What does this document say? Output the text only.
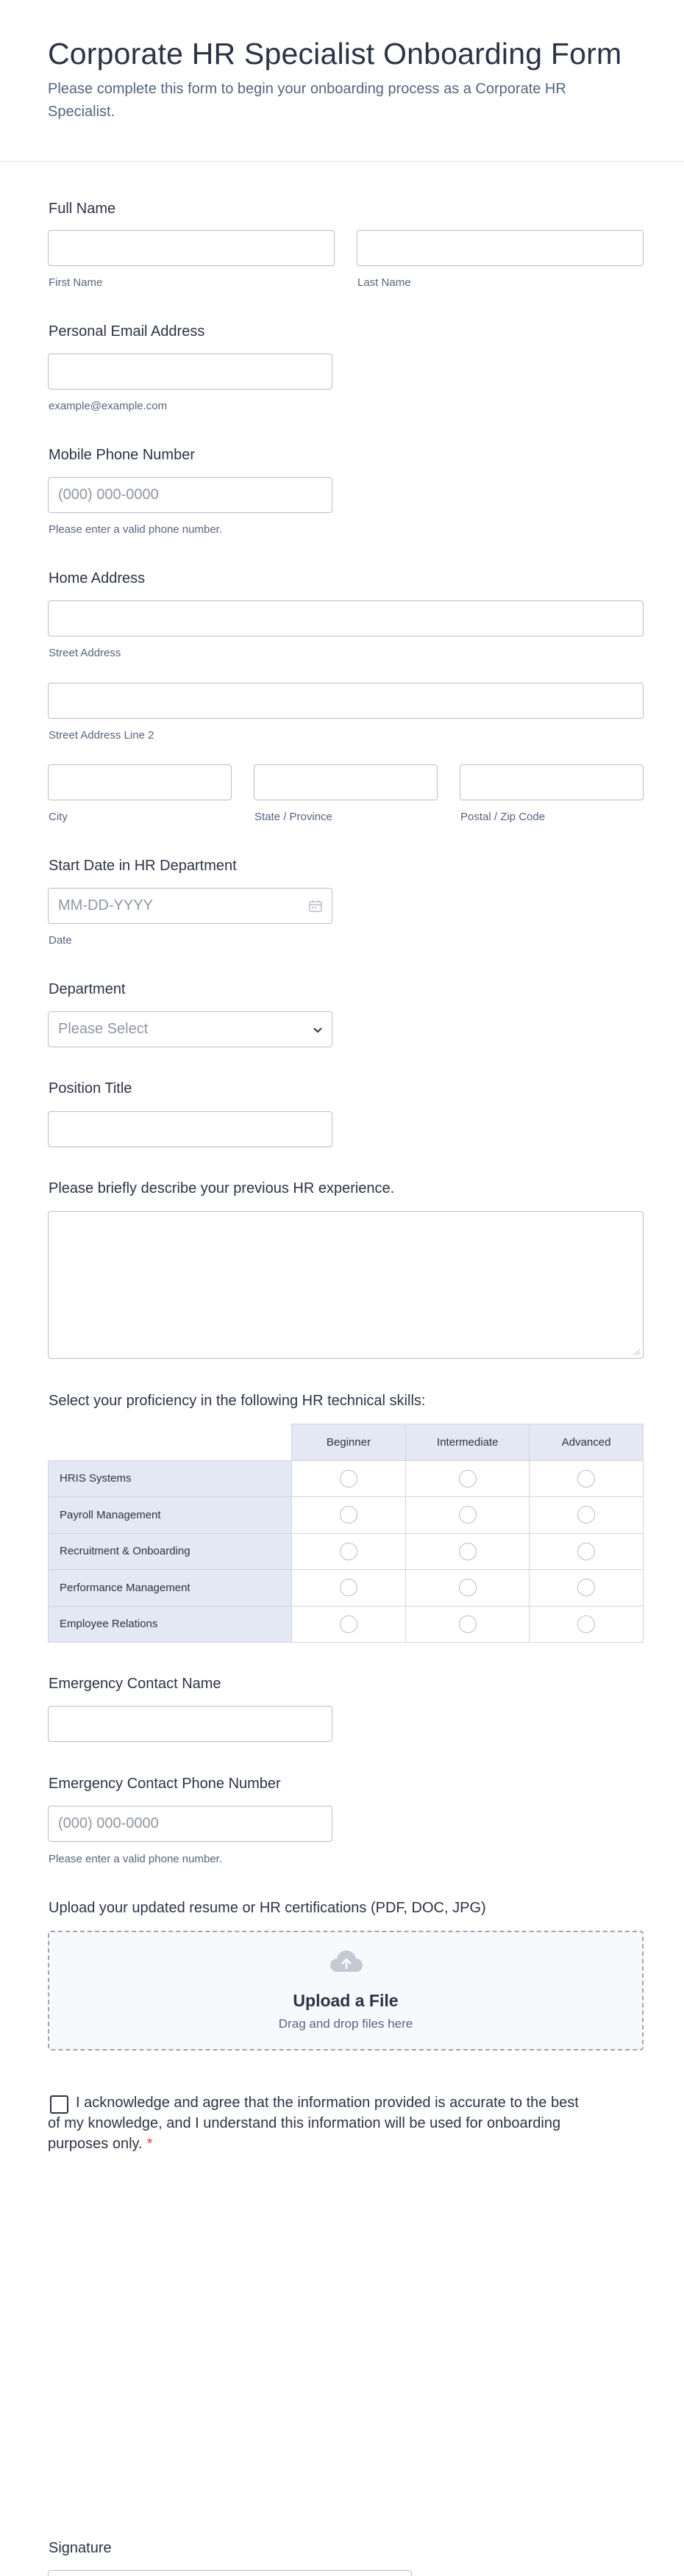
Corporate HR Specialist Onboarding Form

Please complete this form to begin your onboarding process as a Corporate HR Specialist.

Full Name
First Name	Last Name
Personal Email Address
example@example.com
Mobile Phone Number
(000) 000-0000
Please enter a valid phone number.
Home Address
Street Address
Street Address Line 2
City	State / Province	Postal / Zip Code
Start Date in HR Department
MM-DD-YYYY
Date
Department
Please Select
Position Title
Please briefly describe your previous HR experience.
Select your proficiency in the following HR technical skills:
	Beginner	Intermediate	Advanced
HRIS Systems			
Payroll Management			
Recruitment & Onboarding			
Performance Management			
Employee Relations			
Emergency Contact Name
Emergency Contact Phone Number
(000) 000-0000
Please enter a valid phone number.
Upload your updated resume or HR certifications (PDF, DOC, JPG)
Upload a File
Drag and drop files here
I acknowledge and agree that the information provided is accurate to the best of my knowledge, and I understand this information will be used for onboarding purposes only. *
Signature
